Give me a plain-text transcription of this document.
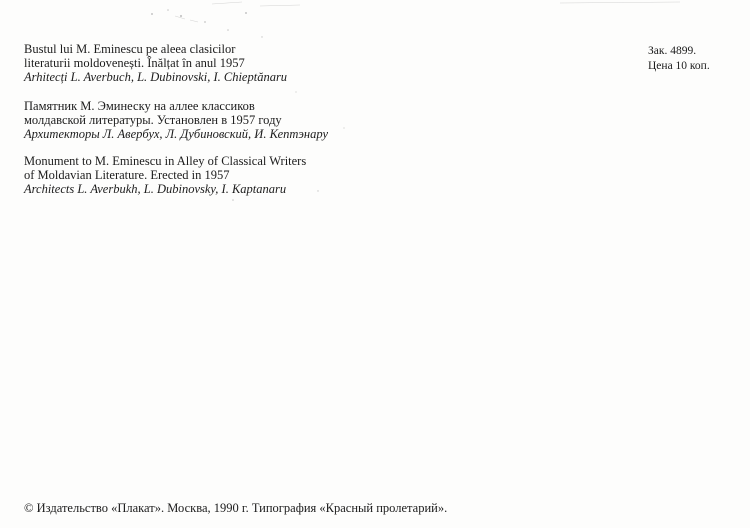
Bustul lui M. Eminescu pe aleea clasicilor
literaturii moldovenești. Înălțat în anul 1957
Arhitecți L. Averbuch, L. Dubinovski, I. Chieptănaru
Памятник М. Эминеску на аллее классиков
молдавской литературы. Установлен в 1957 году
Архитекторы Л. Авербух, Л. Дубиновский, И. Кептэнару
Monument to M. Eminescu in Alley of Classical Writers
of Moldavian Literature. Erected in 1957
Architects L. Averbukh, L. Dubinovsky, I. Kaptanaru
Зак. 4899.
Цена 10 коп.
© Издательство «Плакат». Москва, 1990 г. Типография «Красный пролетарий».
